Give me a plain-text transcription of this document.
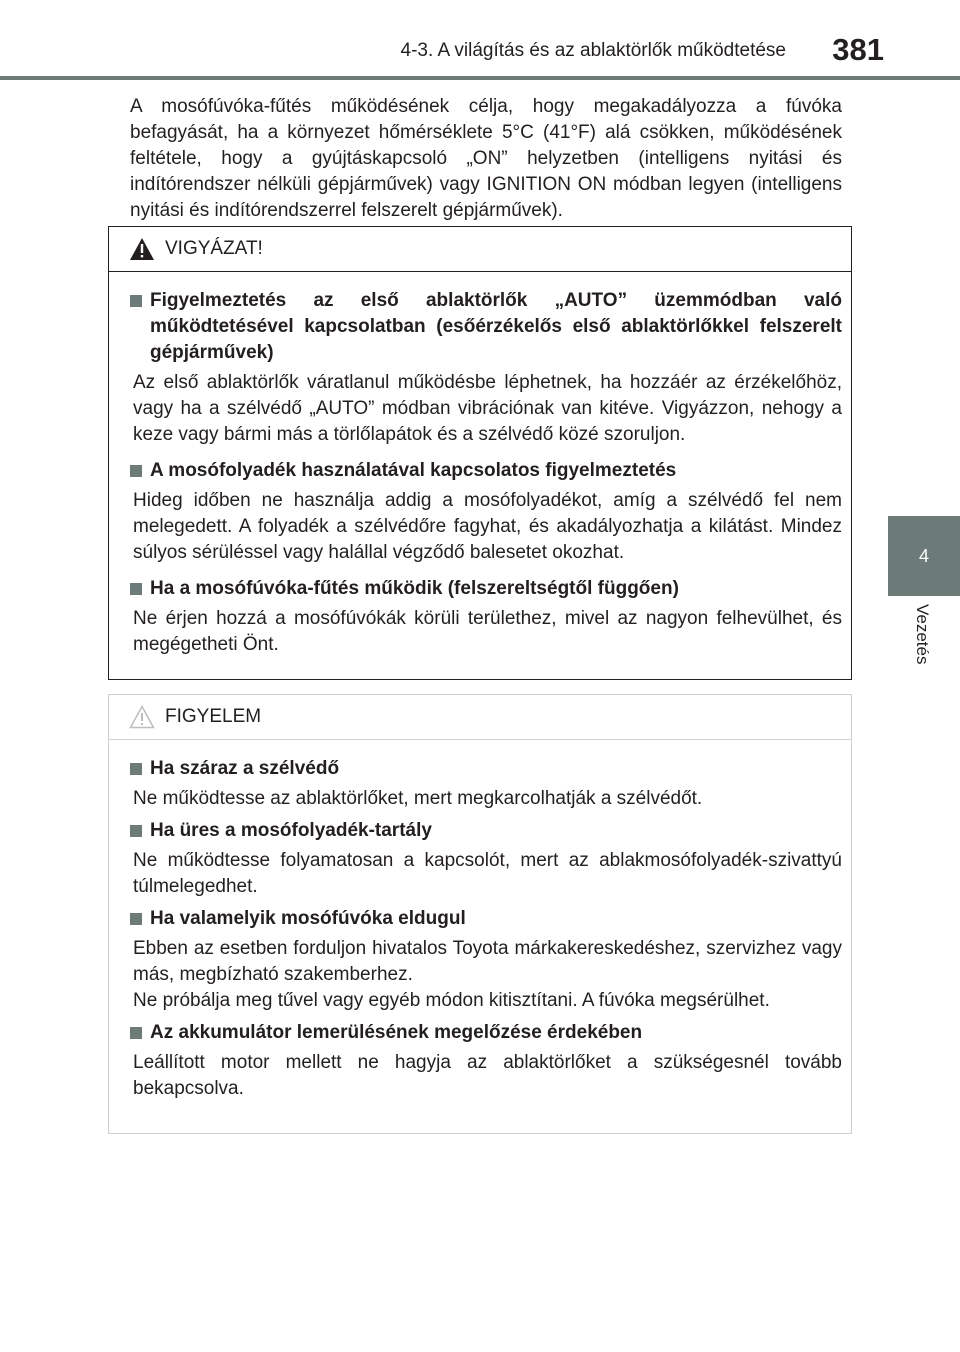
4-3. A világítás és az ablaktörlők működtetése 381
4
Vezetés
A mosófúvóka-fűtés működésének célja, hogy megakadályozza a fúvóka befagyását, ha a környezet hőmérséklete 5°C (41°F) alá csökken, működésének feltétele, hogy a gyújtáskapcsoló „ON” helyzetben (intelligens nyitási és indítórendszer nélküli gépjárművek) vagy IGNITION ON módban legyen (intelligens nyitási és indítórendszerrel felszerelt gépjárművek).
VIGYÁZAT!
Figyelmeztetés az első ablaktörlők „AUTO” üzemmódban való működtetésével kapcsolatban (esőérzékelős első ablaktörlőkkel felszerelt gépjárművek)
Az első ablaktörlők váratlanul működésbe léphetnek, ha hozzáér az érzékelőhöz, vagy ha a szélvédő „AUTO” módban vibrációnak van kitéve. Vigyázzon, nehogy a keze vagy bármi más a törlőlapátok és a szélvédő közé szoruljon.
A mosófolyadék használatával kapcsolatos figyelmeztetés
Hideg időben ne használja addig a mosófolyadékot, amíg a szélvédő fel nem melegedett. A folyadék a szélvédőre fagyhat, és akadályozhatja a kilátást. Mindez súlyos sérüléssel vagy halállal végződő balesetet okozhat.
Ha a mosófúvóka-fűtés működik (felszereltségtől függően)
Ne érjen hozzá a mosófúvókák körüli területhez, mivel az nagyon felhevülhet, és megégetheti Önt.
FIGYELEM
Ha száraz a szélvédő
Ne működtesse az ablaktörlőket, mert megkarcolhatják a szélvédőt.
Ha üres a mosófolyadék-tartály
Ne működtesse folyamatosan a kapcsolót, mert az ablakmosófolyadék-szivattyú túlmelegedhet.
Ha valamelyik mosófúvóka eldugul
Ebben az esetben forduljon hivatalos Toyota márkakereskedéshez, szervizhez vagy más, megbízható szakemberhez.
Ne próbálja meg tűvel vagy egyéb módon kitisztítani. A fúvóka megsérülhet.
Az akkumulátor lemerülésének megelőzése érdekében
Leállított motor mellett ne hagyja az ablaktörlőket a szükségesnél tovább bekapcsolva.
